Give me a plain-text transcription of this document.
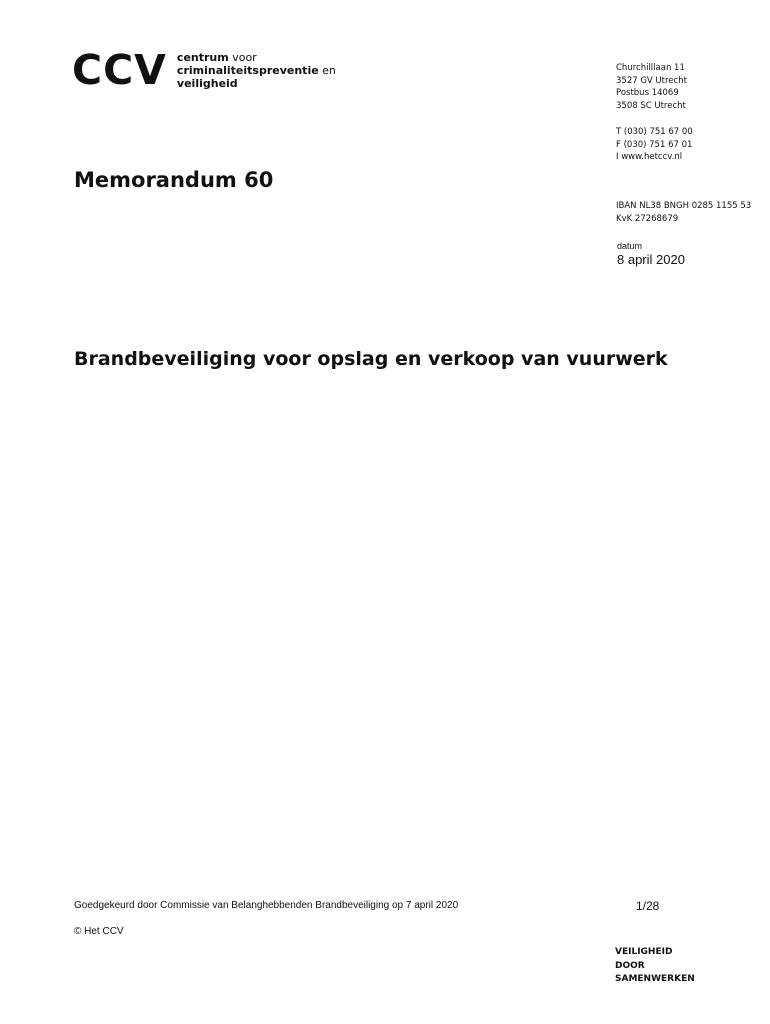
CCV centrum voor
criminaliteitspreventie en
veiligheid
Churchilllaan 11
3527 GV Utrecht
Postbus 14069
3508 SC Utrecht
T (030) 751 67 00
F (030) 751 67 01
I www.hetccv.nl
IBAN NL38 BNGH 0285 1155 53
KvK 27268679
datum
8 april 2020
Memorandum 60
Brandbeveiliging voor opslag en verkoop van vuurwerk
Goedgekeurd door Commissie van Belanghebbenden Brandbeveiliging op 7 april 2020	1/28
© Het CCV
VEILIGHEID
DOOR
SAMENWERKEN
